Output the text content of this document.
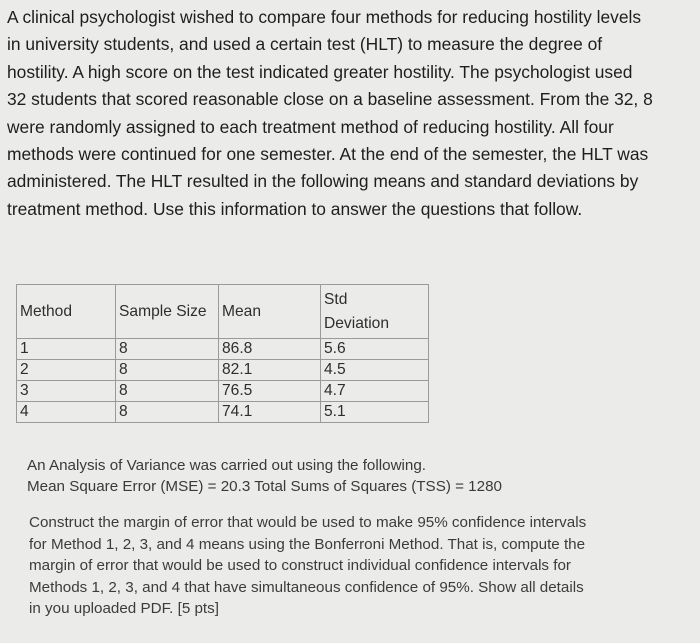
A clinical psychologist wished to compare four methods for reducing hostility levels
in university students, and used a certain test (HLT) to measure the degree of
hostility. A high score on the test indicated greater hostility. The psychologist used
32 students that scored reasonable close on a baseline assessment. From the 32, 8
were randomly assigned to each treatment method of reducing hostility. All four
methods were continued for one semester. At the end of the semester, the HLT was
administered. The HLT resulted in the following means and standard deviations by
treatment method. Use this information to answer the questions that follow.
Method	Sample Size	Mean	Std
Deviation
1	8	86.8	5.6
2	8	82.1	4.5
3	8	76.5	4.7
4	8	74.1	5.1
An Analysis of Variance was carried out using the following.
Mean Square Error (MSE) = 20.3 Total Sums of Squares (TSS) = 1280
Construct the margin of error that would be used to make 95% confidence intervals
for Method 1, 2, 3, and 4 means using the Bonferroni Method. That is, compute the
margin of error that would be used to construct individual confidence intervals for
Methods 1, 2, 3, and 4 that have simultaneous confidence of 95%. Show all details
in you uploaded PDF. [5 pts]
